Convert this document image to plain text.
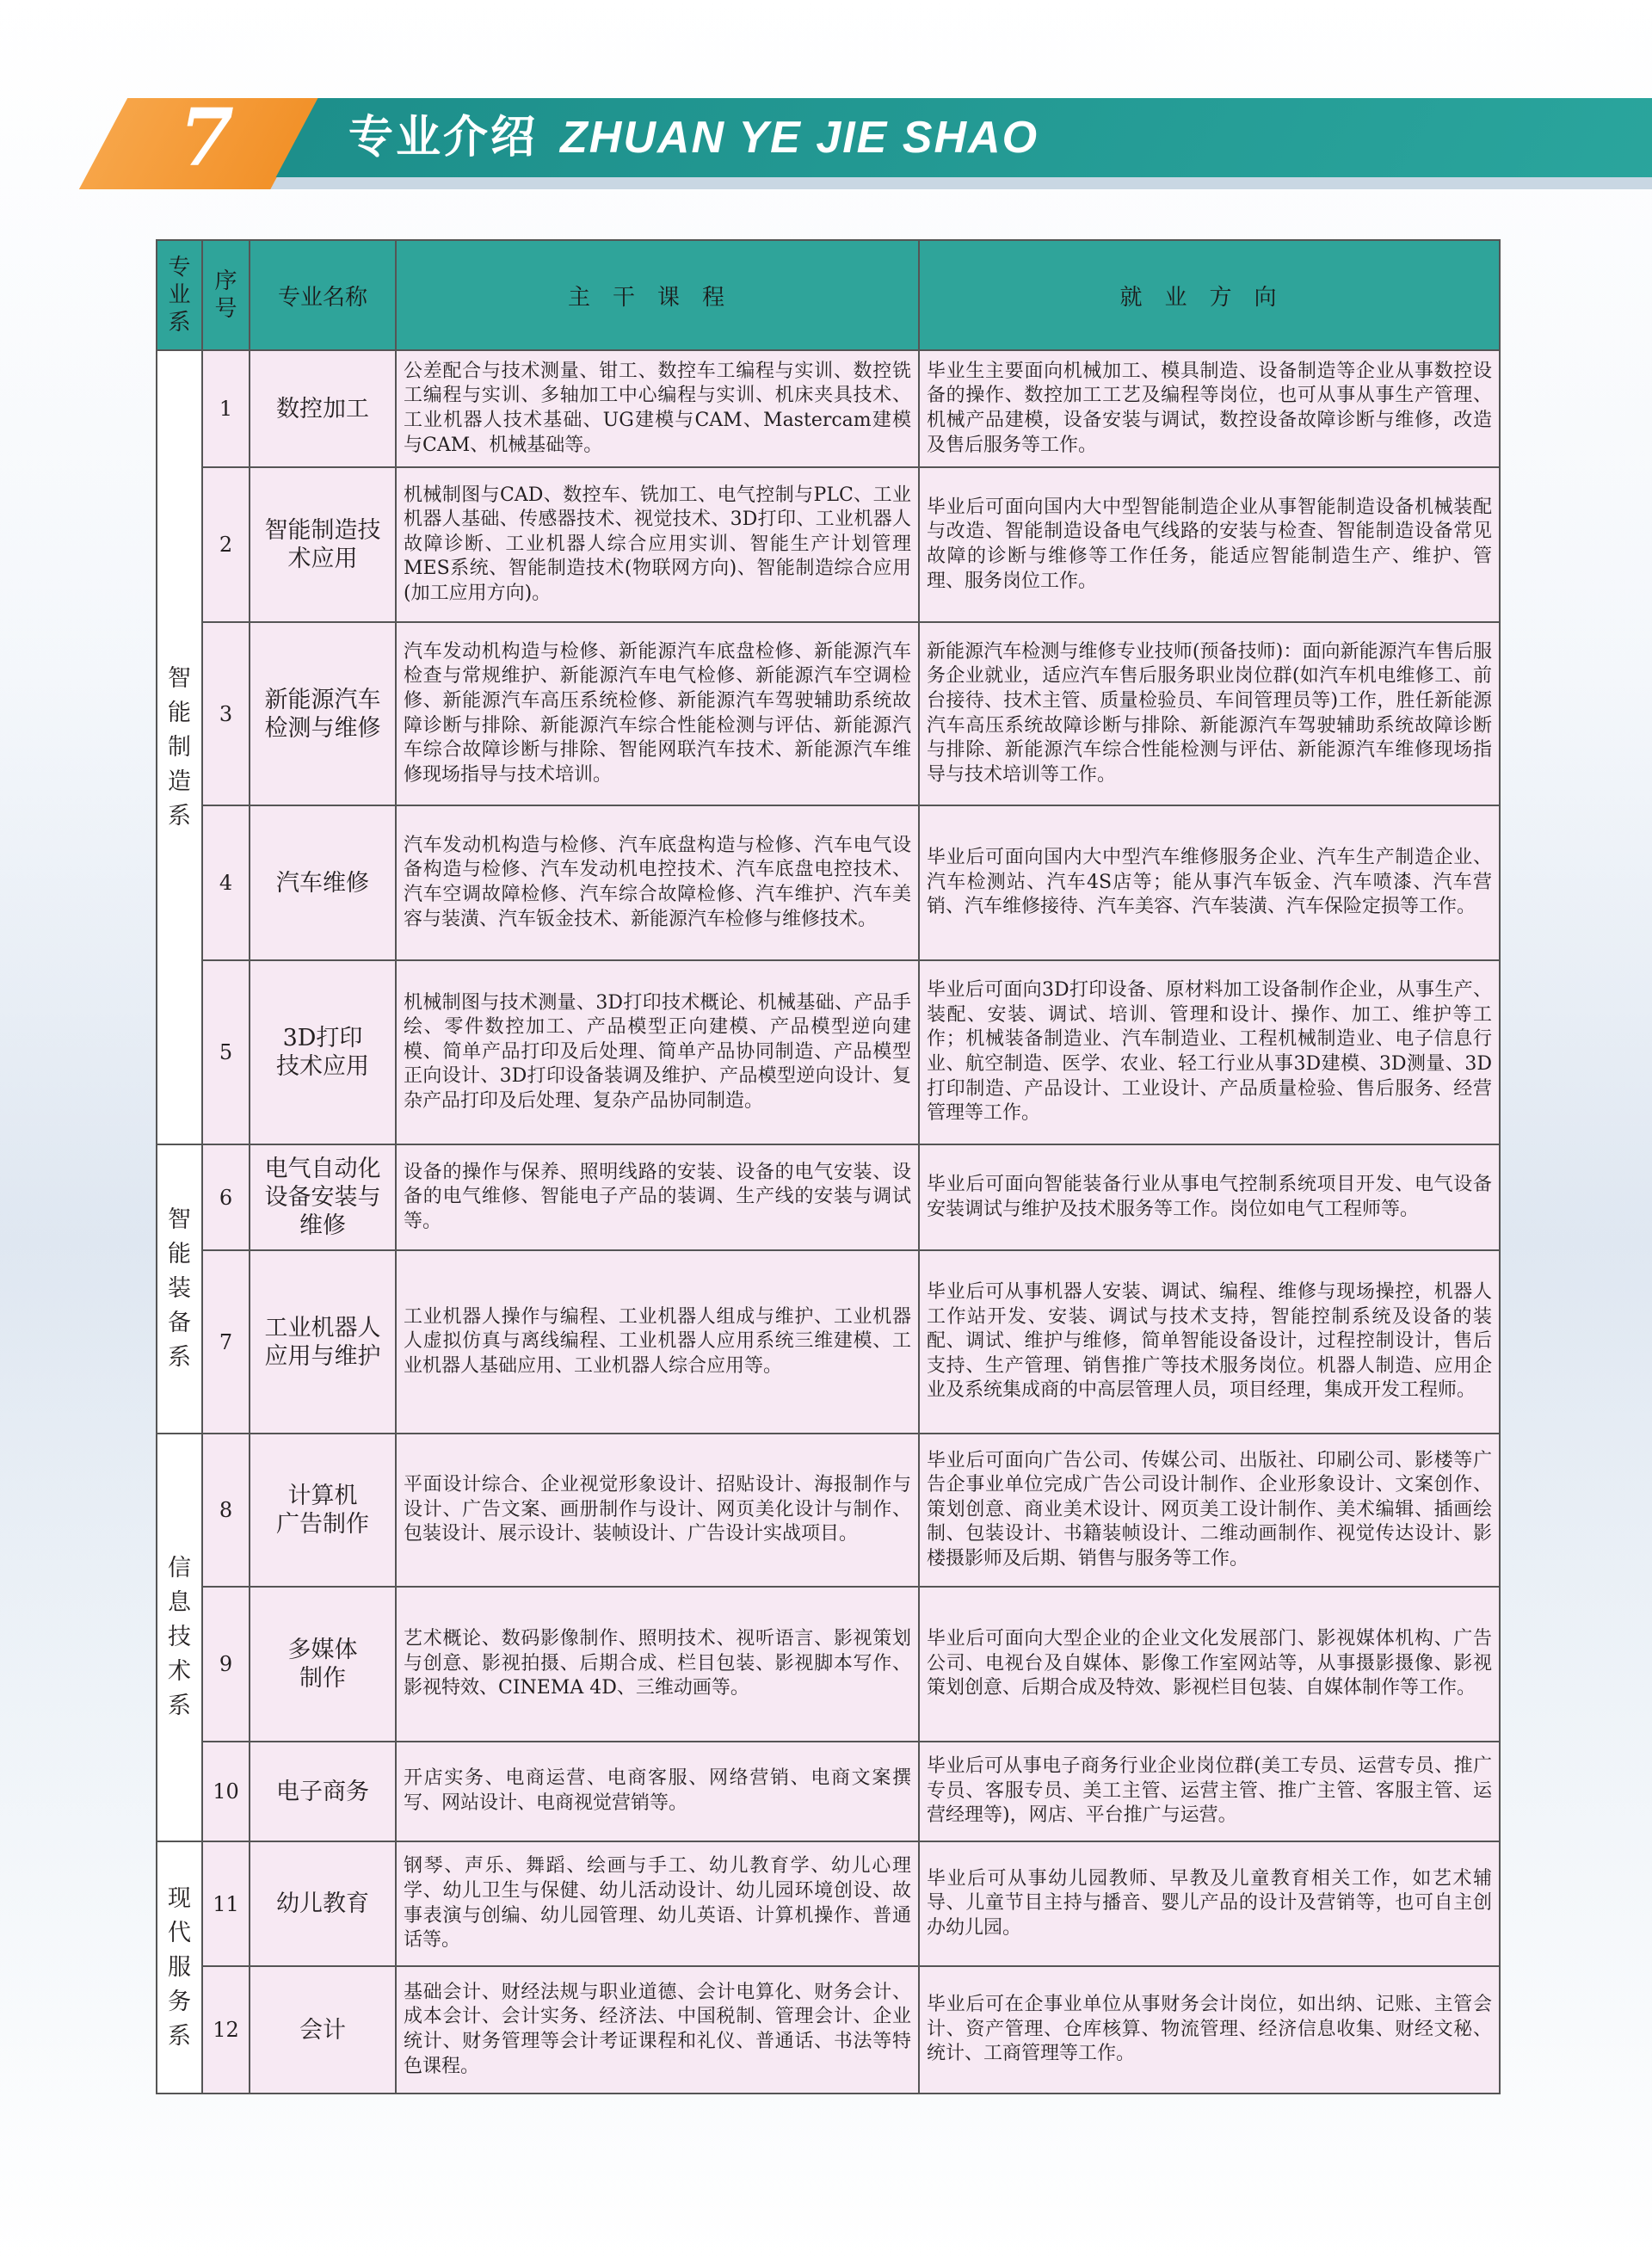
7	专业介绍 ZHUAN YE JIE SHAO
专
业
系	序
号	专业名称	主干课程	就业方向
智
能
制
造
系	1	数控加工	公差配合与技术测量、钳工、数控车工编程与实训、数控铣工编程与实训、多轴加工中心编程与实训、机床夹具技术、工业机器人技术基础、UG建模与CAM、Mastercam建模与CAM、机械基础等。	毕业生主要面向机械加工、模具制造、设备制造等企业从事数控设备的操作、数控加工工艺及编程等岗位，也可从事从事生产管理、机械产品建模，设备安装与调试，数控设备故障诊断与维修，改造及售后服务等工作。
	2	智能制造技
术应用	机械制图与CAD、数控车、铣加工、电气控制与PLC、工业机器人基础、传感器技术、视觉技术、3D打印、工业机器人故障诊断、工业机器人综合应用实训、智能生产计划管理MES系统、智能制造技术(物联网方向)、智能制造综合应用(加工应用方向)。	毕业后可面向国内大中型智能制造企业从事智能制造设备机械装配与改造、智能制造设备电气线路的安装与检查、智能制造设备常见故障的诊断与维修等工作任务，能适应智能制造生产、维护、管理、服务岗位工作。
	3	新能源汽车
检测与维修	汽车发动机构造与检修、新能源汽车底盘检修、新能源汽车检查与常规维护、新能源汽车电气检修、新能源汽车空调检修、新能源汽车高压系统检修、新能源汽车驾驶辅助系统故障诊断与排除、新能源汽车综合性能检测与评估、新能源汽车综合故障诊断与排除、智能网联汽车技术、新能源汽车维修现场指导与技术培训。	新能源汽车检测与维修专业技师(预备技师)：面向新能源汽车售后服务企业就业，适应汽车售后服务职业岗位群(如汽车机电维修工、前台接待、技术主管、质量检验员、车间管理员等)工作，胜任新能源汽车高压系统故障诊断与排除、新能源汽车驾驶辅助系统故障诊断与排除、新能源汽车综合性能检测与评估、新能源汽车维修现场指导与技术培训等工作。
	4	汽车维修	汽车发动机构造与检修、汽车底盘构造与检修、汽车电气设备构造与检修、汽车发动机电控技术、汽车底盘电控技术、汽车空调故障检修、汽车综合故障检修、汽车维护、汽车美容与装潢、汽车钣金技术、新能源汽车检修与维修技术。	毕业后可面向国内大中型汽车维修服务企业、汽车生产制造企业、汽车检测站、汽车4S店等；能从事汽车钣金、汽车喷漆、汽车营销、汽车维修接待、汽车美容、汽车装潢、汽车保险定损等工作。
	5	3D打印
技术应用	机械制图与技术测量、3D打印技术概论、机械基础、产品手绘、零件数控加工、产品模型正向建模、产品模型逆向建模、简单产品打印及后处理、简单产品协同制造、产品模型正向设计、3D打印设备装调及维护、产品模型逆向设计、复杂产品打印及后处理、复杂产品协同制造。	毕业后可面向3D打印设备、原材料加工设备制作企业，从事生产、装配、安装、调试、培训、管理和设计、操作、加工、维护等工作；机械装备制造业、汽车制造业、工程机械制造业、电子信息行业、航空制造、医学、农业、轻工行业从事3D建模、3D测量、3D打印制造、产品设计、工业设计、产品质量检验、售后服务、经营管理等工作。
智
能
装
备
系	6	电气自动化
设备安装与
维修	设备的操作与保养、照明线路的安装、设备的电气安装、设备的电气维修、智能电子产品的装调、生产线的安装与调试等。	毕业后可面向智能装备行业从事电气控制系统项目开发、电气设备安装调试与维护及技术服务等工作。岗位如电气工程师等。
	7	工业机器人
应用与维护	工业机器人操作与编程、工业机器人组成与维护、工业机器人虚拟仿真与离线编程、工业机器人应用系统三维建模、工业机器人基础应用、工业机器人综合应用等。	毕业后可从事机器人安装、调试、编程、维修与现场操控，机器人工作站开发、安装、调试与技术支持，智能控制系统及设备的装配、调试、维护与维修，简单智能设备设计，过程控制设计，售后支持、生产管理、销售推广等技术服务岗位。机器人制造、应用企业及系统集成商的中高层管理人员，项目经理，集成开发工程师。
信
息
技
术
系	8	计算机
广告制作	平面设计综合、企业视觉形象设计、招贴设计、海报制作与设计、广告文案、画册制作与设计、网页美化设计与制作、包装设计、展示设计、装帧设计、广告设计实战项目。	毕业后可面向广告公司、传媒公司、出版社、印刷公司、影楼等广告企事业单位完成广告公司设计制作、企业形象设计、文案创作、策划创意、商业美术设计、网页美工设计制作、美术编辑、插画绘制、包装设计、书籍装帧设计、二维动画制作、视觉传达设计、影楼摄影师及后期、销售与服务等工作。
	9	多媒体
制作	艺术概论、数码影像制作、照明技术、视听语言、影视策划与创意、影视拍摄、后期合成、栏目包装、影视脚本写作、影视特效、CINEMA 4D、三维动画等。	毕业后可面向大型企业的企业文化发展部门、影视媒体机构、广告公司、电视台及自媒体、影像工作室网站等，从事摄影摄像、影视策划创意、后期合成及特效、影视栏目包装、自媒体制作等工作。
	10	电子商务	开店实务、电商运营、电商客服、网络营销、电商文案撰写、网站设计、电商视觉营销等。	毕业后可从事电子商务行业企业岗位群(美工专员、运营专员、推广专员、客服专员、美工主管、运营主管、推广主管、客服主管、运营经理等)，网店、平台推广与运营。
现
代
服
务
系	11	幼儿教育	钢琴、声乐、舞蹈、绘画与手工、幼儿教育学、幼儿心理学、幼儿卫生与保健、幼儿活动设计、幼儿园环境创设、故事表演与创编、幼儿园管理、幼儿英语、计算机操作、普通话等。	毕业后可从事幼儿园教师、早教及儿童教育相关工作，如艺术辅导、儿童节目主持与播音、婴儿产品的设计及营销等，也可自主创办幼儿园。
	12	会计	基础会计、财经法规与职业道德、会计电算化、财务会计、成本会计、会计实务、经济法、中国税制、管理会计、企业统计、财务管理等会计考证课程和礼仪、普通话、书法等特色课程。	毕业后可在企事业单位从事财务会计岗位，如出纳、记账、主管会计、资产管理、仓库核算、物流管理、经济信息收集、财经文秘、统计、工商管理等工作。
